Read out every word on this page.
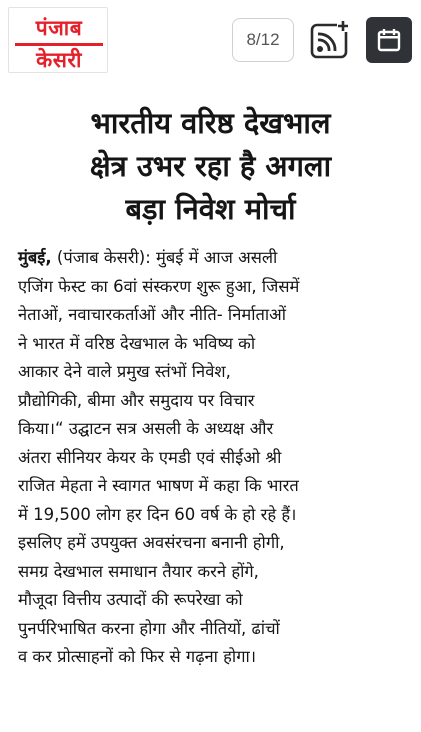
पंजाब
केसरी
8/12
भारतीय वरिष्ठ देखभाल
क्षेत्र उभर रहा है अगला
बड़ा निवेश मोर्चा

मुंबई, (पंजाब केसरी): मुंबई में आज असली
एजिंग फेस्ट का 6वां संस्करण शुरू हुआ, जिसमें
नेताओं, नवाचारकर्ताओं और नीति- निर्माताओं
ने भारत में वरिष्ठ देखभाल के भविष्य को
आकार देने वाले प्रमुख स्तंभों निवेश,
प्रौद्योगिकी, बीमा और समुदाय पर विचार
किया।“ उद्घाटन सत्र असली के अध्यक्ष और
अंतरा सीनियर केयर के एमडी एवं सीईओ श्री
राजित मेहता ने स्वागत भाषण में कहा कि भारत
में 19,500 लोग हर दिन 60 वर्ष के हो रहे हैं।
इसलिए हमें उपयुक्त अवसंरचना बनानी होगी,
समग्र देखभाल समाधान तैयार करने होंगे,
मौजूदा वित्तीय उत्पादों की रूपरेखा को
पुनर्परिभाषित करना होगा और नीतियों, ढांचों
व कर प्रोत्साहनों को फिर से गढ़ना होगा।
